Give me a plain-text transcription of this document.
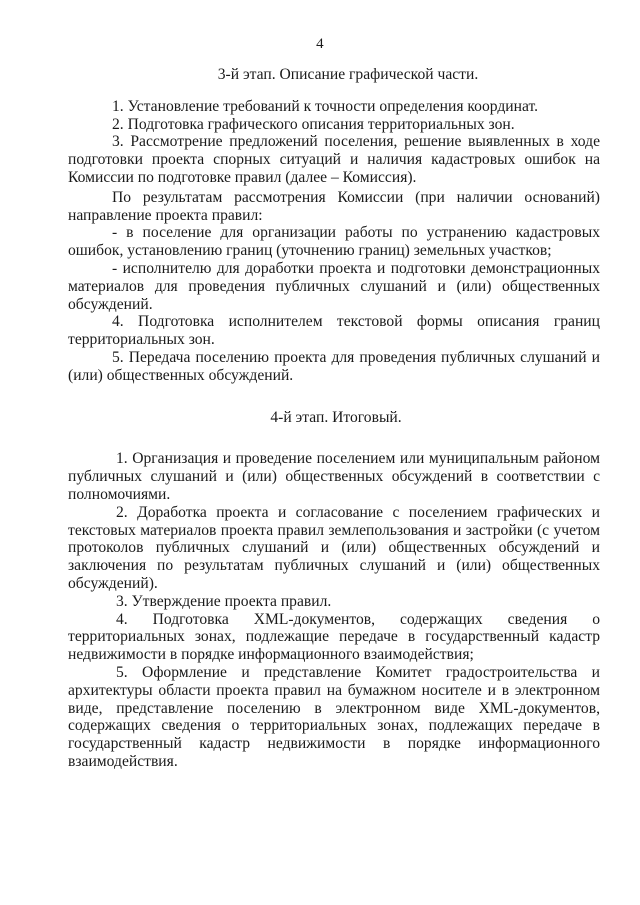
4

3-й этап. Описание графической части.

1. Установление требований к точности определения координат.

2. Подготовка графического описания территориальных зон.

3. Рассмотрение предложений поселения, решение выявленных в ходе подготовки проекта спорных ситуаций и наличия кадастровых ошибок на Комиссии по подготовке правил (далее – Комиссия).

По результатам рассмотрения Комиссии (при наличии оснований) направление проекта правил:

- в поселение для организации работы по устранению кадастровых ошибок, установлению границ (уточнению границ) земельных участков;

- исполнителю для доработки проекта и подготовки демонстрационных материалов для проведения публичных слушаний и (или) общественных обсуждений.

4. Подготовка исполнителем текстовой формы описания границ территориальных зон.

5. Передача поселению проекта для проведения публичных слушаний и (или) общественных обсуждений.

4-й этап. Итоговый.

1. Организация и проведение поселением или муниципальным районом публичных слушаний и (или) общественных обсуждений в соответствии с полномочиями.

2. Доработка проекта и согласование с поселением графических и текстовых материалов проекта правил землепользования и застройки (с учетом протоколов публичных слушаний и (или) общественных обсуждений и заключения по результатам публичных слушаний и (или) общественных обсуждений).

3. Утверждение проекта правил.

4. Подготовка XML-документов, содержащих сведения о территориальных зонах, подлежащие передаче в государственный кадастр недвижимости в порядке информационного взаимодействия;

5. Оформление и представление Комитет градостроительства и архитектуры области проекта правил на бумажном носителе и в электронном виде, представление поселению в электронном виде XML-документов, содержащих сведения о территориальных зонах, подлежащих передаче в государственный кадастр недвижимости в порядке информационного взаимодействия.
